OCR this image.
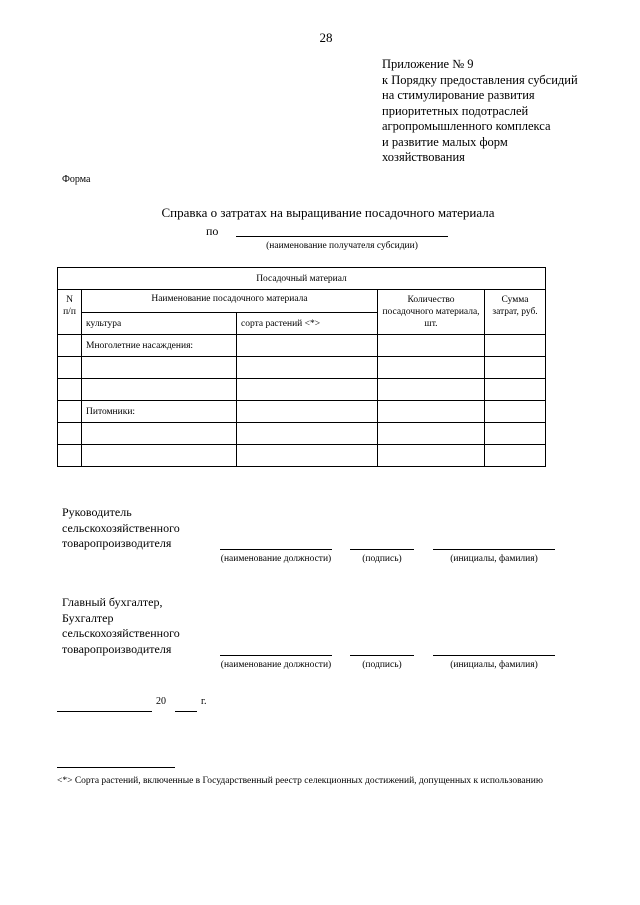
28
Приложение № 9
к Порядку предоставления субсидий
на стимулирование развития
приоритетных подотраслей
агропромышленного комплекса
и развитие малых форм
хозяйствования
Форма
Справка о затратах на выращивание посадочного материала
по
(наименование получателя субсидии)
Посадочный материал				
N
п/п	Наименование посадочного материала		Количество посадочного материала, шт.	Сумма затрат, руб.
	культура	сорта растений <*>		
	Многолетние насаждения:			

	Питомники:			

Руководитель
сельскохозяйственного
товаропроизводителя
(наименование должности)	(подпись)	(инициалы, фамилия)
Главный бухгалтер,
Бухгалтер
сельскохозяйственного
товаропроизводителя
(наименование должности)	(подпись)	(инициалы, фамилия)
20	г.
<*> Сорта растений, включенные в Государственный реестр селекционных достижений, допущенных к использованию
